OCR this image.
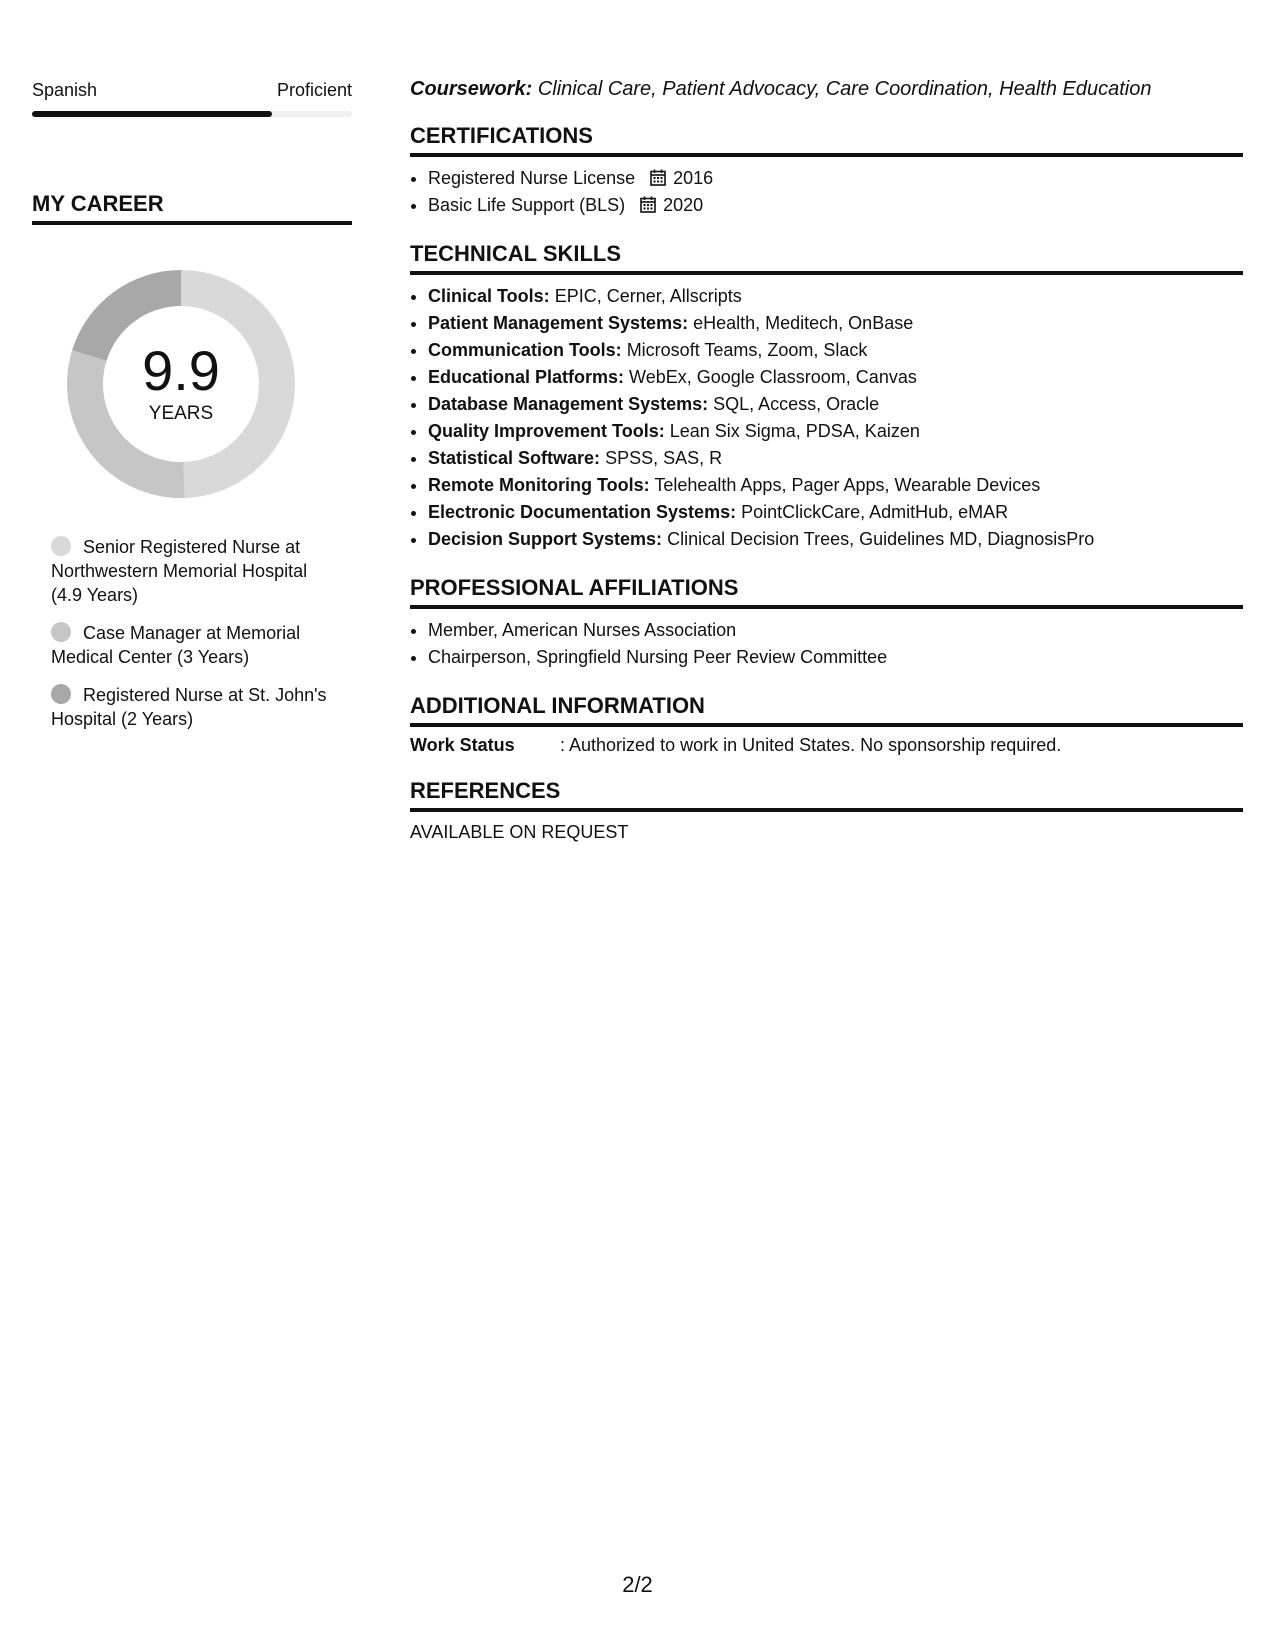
Spanish	Proficient
MY CAREER
9.9
YEARS
Senior Registered Nurse at Northwestern Memorial Hospital (4.9 Years)
Case Manager at Memorial Medical Center (3 Years)
Registered Nurse at St. John's Hospital (2 Years)
Coursework: Clinical Care, Patient Advocacy, Care Coordination, Health Education
CERTIFICATIONS
• Registered Nurse License 2016
• Basic Life Support (BLS) 2020
TECHNICAL SKILLS
• Clinical Tools: EPIC, Cerner, Allscripts
• Patient Management Systems: eHealth, Meditech, OnBase
• Communication Tools: Microsoft Teams, Zoom, Slack
• Educational Platforms: WebEx, Google Classroom, Canvas
• Database Management Systems: SQL, Access, Oracle
• Quality Improvement Tools: Lean Six Sigma, PDSA, Kaizen
• Statistical Software: SPSS, SAS, R
• Remote Monitoring Tools: Telehealth Apps, Pager Apps, Wearable Devices
• Electronic Documentation Systems: PointClickCare, AdmitHub, eMAR
• Decision Support Systems: Clinical Decision Trees, Guidelines MD, DiagnosisPro
PROFESSIONAL AFFILIATIONS
• Member, American Nurses Association
• Chairperson, Springfield Nursing Peer Review Committee
ADDITIONAL INFORMATION
Work Status	: Authorized to work in United States. No sponsorship required.
REFERENCES
AVAILABLE ON REQUEST
2/2
